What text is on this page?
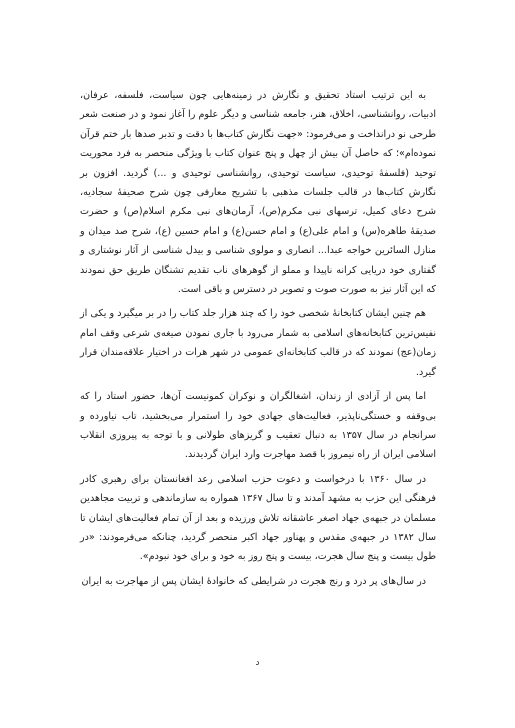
به این ترتیب استاد تحقیق و نگارش در زمینه‌هایی چون سیاست، فلسفه، عرفان، ادبیات، روانشناسی، اخلاق، هنر، جامعه شناسی و دیگر علوم را آغاز نمود و در صنعت شعر طرحی نو درانداخت و می‌فرمود: «جهت نگارش کتاب‌ها با دقت و تدبر صدها بار ختم قرآن نموده‌ام»؛ که حاصل آن بیش از چهل و پنج عنوان کتاب با ویژگی منحصر به فرد محوریت توحید (فلسفهٔ توحیدی، سیاست توحیدی، روانشناسی توحیدی و ...) گردید. افزون بر نگارش کتاب‌ها در قالب جلسات مذهبی با تشریح معارفی چون شرح صحیفهٔ سجادیه، شرح دعای کمیل، ترسهای نبی مکرم(ص)، آرمان‌های نبی مکرم اسلام(ص) و حضرت صدیقهٔ طاهره(س) و امام علی(ع) و امام حسن(ع) و امام حسین (ع)، شرح صد میدان و منازل السائرین خواجه عبدا... انصاری و مولوی شناسی و بیدل شناسی از آثار نوشتاری و گفتاری خود دریایی کرانه ناپیدا و مملو از گوهرهای ناب تقدیم تشنگان طریق حق نمودند که این آثار نیز به صورت صوت و تصویر در دسترس و باقی است.

هم چنین ایشان کتابخانهٔ شخصی خود را که چند هزار جلد کتاب را در بر میگیرد و یکی از نفیس‌ترین کتابخانه‌های اسلامی به شمار می‌رود با جاری نمودن صیغه‌ی شرعی وقف امام زمان(عج) نمودند که در قالب کتابخانه‌ای عمومی در شهر هرات در اختیار علاقه‌مندان قرار گیرد.

اما پس از آزادی از زندان، اشغالگران و نوکران کمونیست آن‌ها، حضور استاد را که بی‌وقفه و خستگی‌ناپذیر، فعالیت‌های جهادی خود را استمرار می‌بخشید، تاب نیاورده و سرانجام در سال ۱۳۵۷ به دنبال تعقیب و گریزهای طولانی و با توجه به پیروزی انقلاب اسلامی ایران از راه نیمروز با قصد مهاجرت وارد ایران گردیدند.

در سال ۱۳۶۰ با درخواست و دعوت حزب اسلامی رعد افغانستان برای رهبری کادر فرهنگی این حزب به مشهد آمدند و تا سال ۱۳۶۷ همواره به سازماندهی و تربیت مجاهدین مسلمان در جبهه‌ی جهاد اصغر عاشقانه تلاش ورزیده و بعد از آن تمام فعالیت‌های ایشان تا سال ۱۳۸۲ در جبهه‌ی مقدس و پهناور جهاد اکبر منحصر گردید، چنانکه می‌فرمودند: «در طول بیست و پنج سال هجرت، بیست و پنج روز به خود و برای خود نبودم».

در سال‌های پر درد و رنج هجرت در شرایطی که خانوادهٔ ایشان پس از مهاجرت به ایران

د
